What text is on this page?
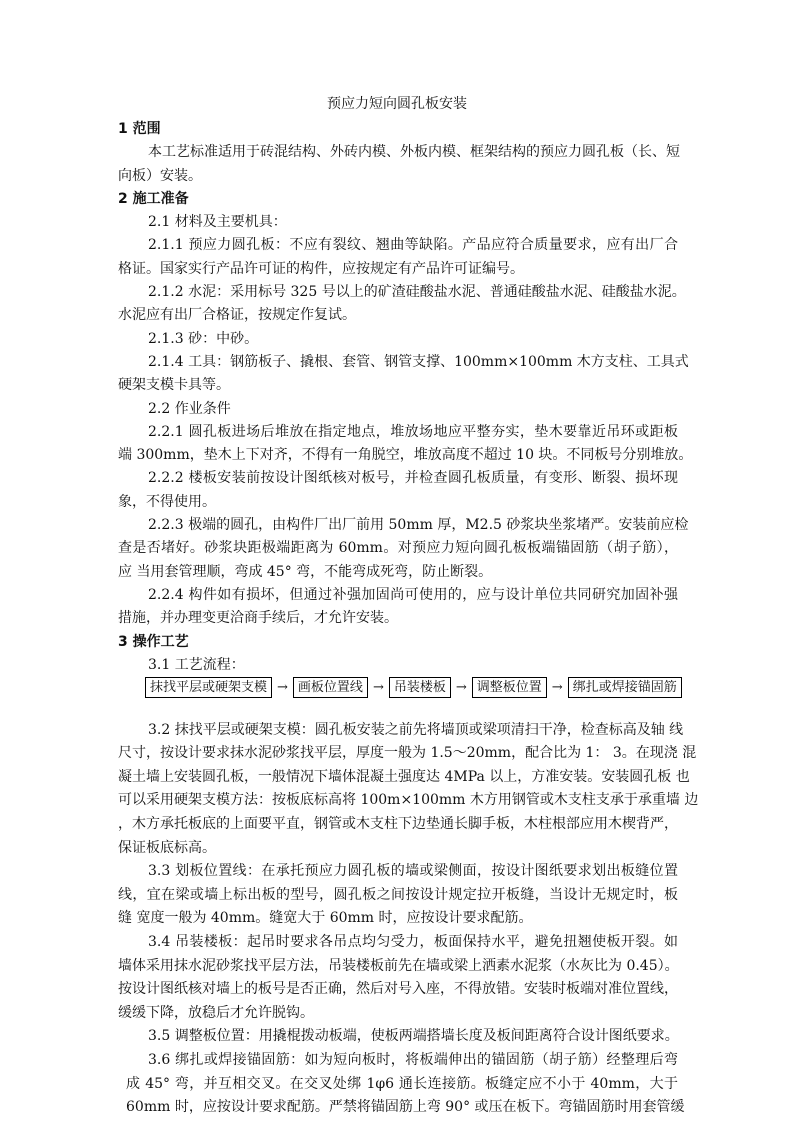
预应力短向圆孔板安装
1 范围
本工艺标准适用于砖混结构、外砖内模、外板内模、框架结构的预应力圆孔板（长、短
向板）安装。
2 施工准备
2.1 材料及主要机具：
2.1.1 预应力圆孔板：不应有裂纹、翘曲等缺陷。产品应符合质量要求，应有出厂合
格证。国家实行产品许可证的构件，应按规定有产品许可证编号。
2.1.2 水泥：采用标号 325 号以上的矿渣硅酸盐水泥、普通硅酸盐水泥、硅酸盐水泥。
水泥应有出厂合格证，按规定作复试。
2.1.3 砂：中砂。
2.1.4 工具：钢筋板子、撬根、套管、钢管支撑、100mm×100mm 木方支柱、工具式
硬架支模卡具等。
2.2 作业条件
2.2.1 圆孔板进场后堆放在指定地点，堆放场地应平整夯实，垫木要靠近吊环或距板
端 300mm，垫木上下对齐，不得有一角脱空，堆放高度不超过 10 块。不同板号分别堆放。
2.2.2 楼板安装前按设计图纸核对板号，并检查圆孔板质量，有变形、断裂、损坏现
象，不得使用。
2.2.3 极端的圆孔，由构件厂出厂前用 50mm 厚，M2.5 砂浆块坐浆堵严。安装前应检
查是否堵好。砂浆块距极端距离为 60mm。对预应力短向圆孔板板端锚固筋（胡子筋），
应 当用套管理顺，弯成 45° 弯，不能弯成死弯，防止断裂。
2.2.4 构件如有损坏，但通过补强加固尚可使用的，应与设计单位共同研究加固补强
措施，并办理变更洽商手续后，才允许安装。
3 操作工艺
3.1 工艺流程：
抹找平层或硬架支模 → 画板位置线 → 吊装楼板 → 调整板位置 → 绑扎或焊接锚固筋
3.2 抹找平层或硬架支模：圆孔板安装之前先将墙顶或梁项清扫干净，检查标高及轴 线
尺寸，按设计要求抹水泥砂浆找平层，厚度一般为 1.5～20mm，配合比为 1： 3。在现浇 混
凝土墙上安装圆孔板，一般情况下墙体混凝土强度达 4MPa 以上，方准安装。安装圆孔板 也
可以采用硬架支模方法：按板底标高将 100m×100mm 木方用钢管或木支柱支承于承重墙 边
，木方承托板底的上面要平直，钢管或木支柱下边垫通长脚手板，木柱根部应用木楔背严，
保证板底标高。
3.3 划板位置线：在承托预应力圆孔板的墙或梁侧面，按设计图纸要求划出板缝位置
线，宜在梁或墙上标出板的型号，圆孔板之间按设计规定拉开板缝，当设计无规定时，板
缝 宽度一般为 40mm。缝宽大于 60mm 时，应按设计要求配筋。
3.4 吊装楼板：起吊时要求各吊点均匀受力，板面保持水平，避免扭翘使板开裂。如
墙体采用抹水泥砂浆找平层方法，吊装楼板前先在墙或梁上洒素水泥浆（水灰比为 0.45）。
按设计图纸核对墙上的板号是否正确，然后对号入座，不得放错。安装时板端对准位置线，
缓缓下降，放稳后才允许脱钩。
3.5 调整板位置：用撬棍拨动板端，使板两端搭墙长度及板间距离符合设计图纸要求。
3.6 绑扎或焊接锚固筋：如为短向板时，将板端伸出的锚固筋（胡子筋）经整理后弯
成 45° 弯，并互相交叉。在交叉处绑 1φ6 通长连接筋。板缝定应不小于 40mm，大于
60mm 时，应按设计要求配筋。严禁将锚固筋上弯 90° 或压在板下。弯锚固筋时用套管缓
